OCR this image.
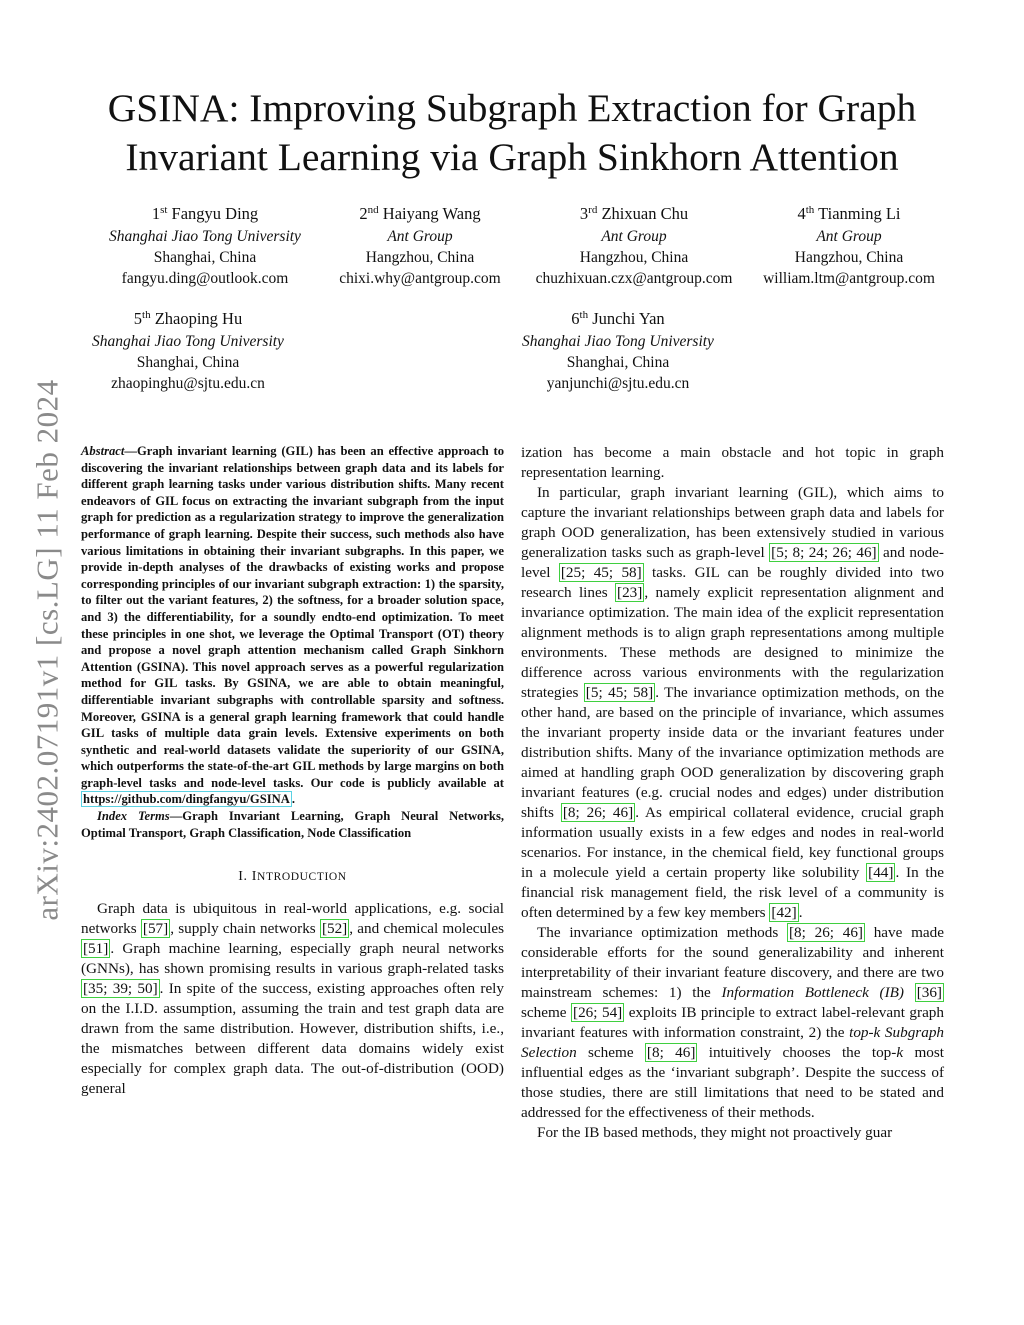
arXiv:2402.07191v1 [cs.LG] 11 Feb 2024
GSINA: Improving Subgraph Extraction for Graph Invariant Learning via Graph Sinkhorn Attention
1st Fangyu Ding
Shanghai Jiao Tong University
Shanghai, China
fangyu.ding@outlook.com
2nd Haiyang Wang
Ant Group
Hangzhou, China
chixi.why@antgroup.com
3rd Zhixuan Chu
Ant Group
Hangzhou, China
chuzhixuan.czx@antgroup.com
4th Tianming Li
Ant Group
Hangzhou, China
william.ltm@antgroup.com
5th Zhaoping Hu
Shanghai Jiao Tong University
Shanghai, China
zhaopinghu@sjtu.edu.cn
6th Junchi Yan
Shanghai Jiao Tong University
Shanghai, China
yanjunchi@sjtu.edu.cn

Abstract—Graph invariant learning (GIL) has been an effective approach to discovering the invariant relationships between graph data and its labels for different graph learning tasks under various distribution shifts. Many recent endeavors of GIL focus on extracting the invariant subgraph from the input graph for prediction as a regularization strategy to improve the generalization performance of graph learning. Despite their success, such methods also have various limitations in obtaining their invariant subgraphs. In this paper, we provide in-depth analyses of the drawbacks of existing works and propose corresponding principles of our invariant subgraph extraction: 1) the sparsity, to filter out the variant features, 2) the softness, for a broader solution space, and 3) the differentiability, for a soundly endto-end optimization. To meet these principles in one shot, we leverage the Optimal Transport (OT) theory and propose a novel graph attention mechanism called Graph Sinkhorn Attention (GSINA). This novel approach serves as a powerful regularization method for GIL tasks. By GSINA, we are able to obtain meaningful, differentiable invariant subgraphs with controllable sparsity and softness. Moreover, GSINA is a general graph learning framework that could handle GIL tasks of multiple data grain levels. Extensive experiments on both synthetic and real-world datasets validate the superiority of our GSINA, which outperforms the state-of-the-art GIL methods by large margins on both graph-level tasks and node-level tasks. Our code is publicly available at https://github.com/dingfangyu/GSINA .

Index Terms—Graph Invariant Learning, Graph Neural Networks, Optimal Transport, Graph Classification, Node Classification

I. INTRODUCTION

Graph data is ubiquitous in real-world applications, e.g. social networks [57] , supply chain networks [52] , and chemical molecules [51] . Graph machine learning, especially graph neural networks (GNNs), has shown promising results in various graph-related tasks [35; 39; 50] . In spite of the success, existing approaches often rely on the I.I.D. assumption, assuming the train and test graph data are drawn from the same distribution. However, distribution shifts, i.e., the mismatches between different data domains widely exist especially for complex graph data. The out-of-distribution (OOD) general

ization has become a main obstacle and hot topic in graph representation learning.

In particular, graph invariant learning (GIL), which aims to capture the invariant relationships between graph data and labels for graph OOD generalization, has been extensively studied in various generalization tasks such as graph-level [5; 8; 24; 26; 46] and node-level [25; 45; 58] tasks. GIL can be roughly divided into two research lines [23] , namely explicit representation alignment and invariance optimization. The main idea of the explicit representation alignment methods is to align graph representations among multiple environments. These methods are designed to minimize the difference across various environments with the regularization strategies [5; 45; 58] . The invariance optimization methods, on the other hand, are based on the principle of invariance, which assumes the invariant property inside data or the invariant features under distribution shifts. Many of the invariance optimization methods are aimed at handling graph OOD generalization by discovering graph invariant features (e.g. crucial nodes and edges) under distribution shifts [8; 26; 46] . As empirical collateral evidence, crucial graph information usually exists in a few edges and nodes in real-world scenarios. For instance, in the chemical field, key functional groups in a molecule yield a certain property like solubility [44] . In the financial risk management field, the risk level of a community is often determined by a few key members [42] .

The invariance optimization methods [8; 26; 46] have made considerable efforts for the sound generalizability and inherent interpretability of their invariant feature discovery, and there are two mainstream schemes: 1) the Information Bottleneck (IB) [36] scheme [26; 54] exploits IB principle to extract label-relevant graph invariant features with information constraint, 2) the top-k Subgraph Selection scheme [8; 46] intuitively chooses the top-k most influential edges as the ‘invariant subgraph’. Despite the success of those studies, there are still limitations that need to be stated and addressed for the effectiveness of their methods.

For the IB based methods, they might not proactively guar
